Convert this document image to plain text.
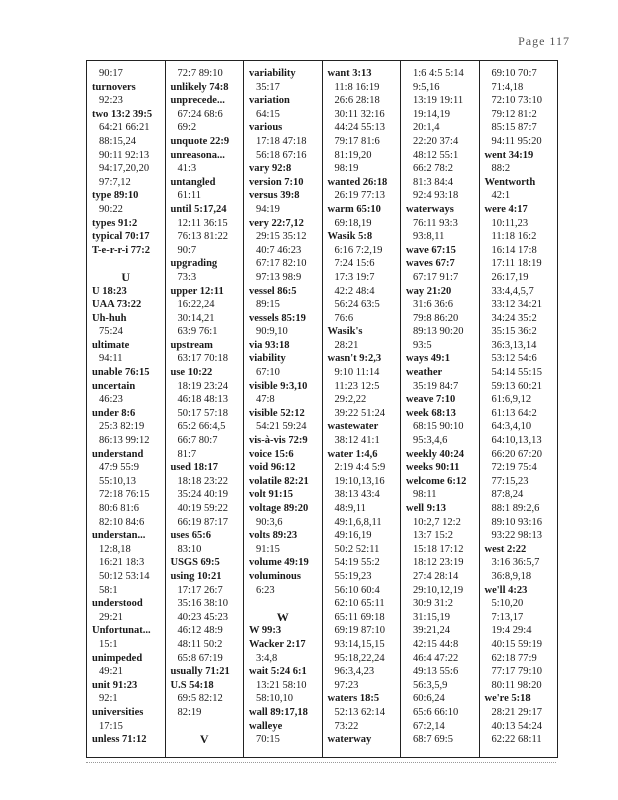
Page 117
90:17
turnovers
92:23
two 13:2 39:5
64:21 66:21
88:15,24
90:11 92:13
94:17,20,20
97:7,12
type 89:10
90:22
types 91:2
typical 70:17
T-e-r-r-i 77:2
U
U 18:23
UAA 73:22
Uh-huh
75:24
ultimate
94:11
unable 76:15
uncertain
46:23
under 8:6
25:3 82:19
86:13 99:12
understand
47:9 55:9
55:10,13
72:18 76:15
80:6 81:6
82:10 84:6
understan...
12:8,18
16:21 18:3
50:12 53:14
58:1
understood
29:21
Unfortunat...
15:1
unimpeded
49:21
unit 91:23
92:1
universities
17:15
unless 71:12
72:7 89:10
unlikely 74:8
unprecede...
67:24 68:6
69:2
unquote 22:9
unreasona...
41:3
untangled
61:11
until 5:17,24
12:11 36:15
76:13 81:22
90:7
upgrading
73:3
upper 12:11
16:22,24
30:14,21
63:9 76:1
upstream
63:17 70:18
use 10:22
18:19 23:24
46:18 48:13
50:17 57:18
65:2 66:4,5
66:7 80:7
81:7
used 18:17
18:18 23:22
35:24 40:19
40:19 59:22
66:19 87:17
uses 65:6
83:10
USGS 69:5
using 10:21
17:17 26:7
35:16 38:10
40:23 45:23
46:12 48:9
48:11 50:2
65:8 67:19
usually 71:21
U.S 54:18
69:5 82:12
82:19
V
variability
35:17
variation
64:15
various
17:18 47:18
56:18 67:16
vary 92:8
version 7:10
versus 39:8
94:19
very 22:7,12
29:15 35:12
40:7 46:23
67:17 82:10
97:13 98:9
vessel 86:5
89:15
vessels 85:19
90:9,10
via 93:18
viability
67:10
visible 9:3,10
47:8
visible 52:12
54:21 59:24
vis-à-vis 72:9
voice 15:6
void 96:12
volatile 82:21
volt 91:15
voltage 89:20
90:3,6
volts 89:23
91:15
volume 49:19
voluminous
6:23
W
W 99:3
Wacker 2:17
3:4,8
wait 5:24 6:1
13:21 58:10
58:10,10
wall 89:17,18
walleye
70:15
want 3:13
11:8 16:19
26:6 28:18
30:11 32:16
44:24 55:13
79:17 81:6
81:19,20
98:19
wanted 26:18
26:19 77:13
warm 65:10
69:18,19
Wasik 5:8
6:16 7:2,19
7:24 15:6
17:3 19:7
42:2 48:4
56:24 63:5
76:6
Wasik's
28:21
wasn't 9:2,3
9:10 11:14
11:23 12:5
29:2,22
39:22 51:24
wastewater
38:12 41:1
water 1:4,6
2:19 4:4 5:9
19:10,13,16
38:13 43:4
48:9,11
49:1,6,8,11
49:16,19
50:2 52:11
54:19 55:2
55:19,23
56:10 60:4
62:10 65:11
65:11 69:18
69:19 87:10
93:14,15,15
95:18,22,24
96:3,4,23
97:23
waters 18:5
52:13 62:14
73:22
waterway
1:6 4:5 5:14
9:5,16
13:19 19:11
19:14,19
20:1,4
22:20 37:4
48:12 55:1
66:2 78:2
81:3 84:4
92:4 93:18
waterways
76:11 93:3
93:8,11
wave 67:15
waves 67:7
67:17 91:7
way 21:20
31:6 36:6
79:8 86:20
89:13 90:20
93:5
ways 49:1
weather
35:19 84:7
weave 7:10
week 68:13
68:15 90:10
95:3,4,6
weekly 40:24
weeks 90:11
welcome 6:12
98:11
well 9:13
10:2,7 12:2
13:7 15:2
15:18 17:12
18:12 23:19
27:4 28:14
29:10,12,19
30:9 31:2
31:15,19
39:21,24
42:15 44:8
46:4 47:22
49:13 55:6
56:3,5,9
60:6,24
65:6 66:10
67:2,14
68:7 69:5
69:10 70:7
71:4,18
72:10 73:10
79:12 81:2
85:15 87:7
94:11 95:20
went 34:19
88:2
Wentworth
42:1
were 4:17
10:11,23
11:18 16:2
16:14 17:8
17:11 18:19
26:17,19
33:4,4,5,7
33:12 34:21
34:24 35:2
35:15 36:2
36:3,13,14
53:12 54:6
54:14 55:15
59:13 60:21
61:6,9,12
61:13 64:2
64:3,4,10
64:10,13,13
66:20 67:20
72:19 75:4
77:15,23
87:8,24
88:1 89:2,6
89:10 93:16
93:22 98:13
west 2:22
3:16 36:5,7
36:8,9,18
we'll 4:23
5:10,20
7:13,17
19:4 29:4
40:15 59:19
62:18 77:9
77:17 79:10
80:11 98:20
we're 5:18
28:21 29:17
40:13 54:24
62:22 68:11
